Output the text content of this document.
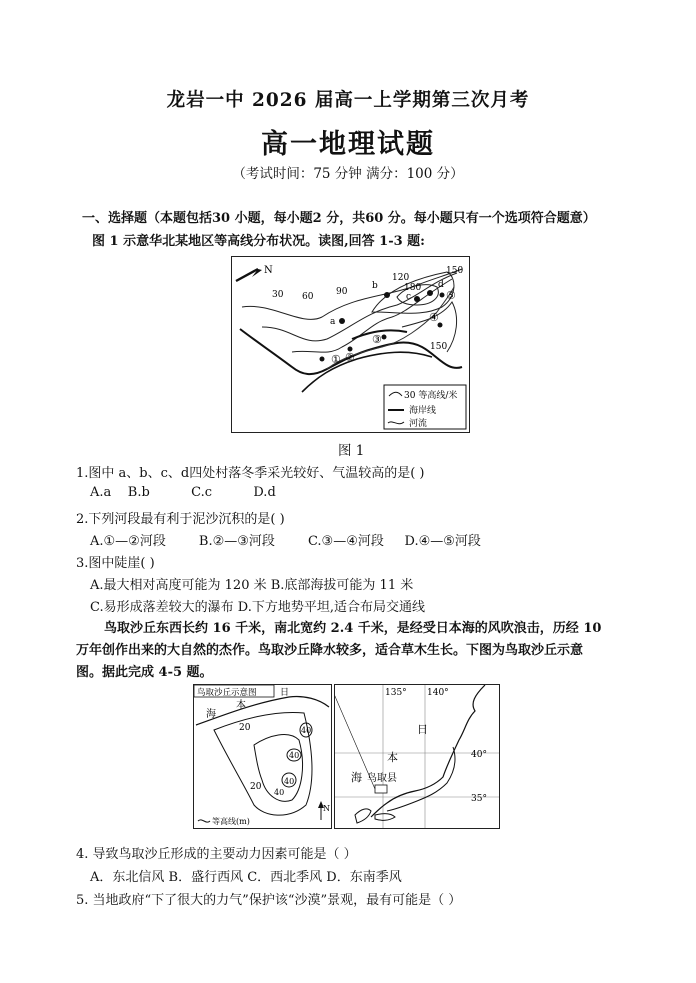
龙岩一中 2026 届高一上学期第三次月考
高一地理试题
（考试时间：75 分钟 满分：100 分）
一、选择题（本题包括30 小题，每小题2 分，共60 分。每小题只有一个选项符合题意）
图 1 示意华北某地区等高线分布状况。读图,回答 1-3 题:
N
30 60	90
120
150
180
150
a
b
c
d
① ②
③
④
⑤
30 等高线/米
海岸线
河流
图 1
1.图中 a、b、c、d四处村落冬季采光较好、气温较高的是( )
A.a    B.b          C.c          D.d
2.下列河段最有利于泥沙沉积的是( )
A.①—②河段        B.②—③河段        C.③—④河段     D.④—⑤河段
3.图中陡崖( )
A.最大相对高度可能为 120 米 B.底部海拔可能为 11 米
C.易形成落差较大的瀑布 D.下方地势平坦,适合布局交通线
鸟取沙丘东西长约 16 千米，南北宽约 2.4 千米，是经受日本海的风吹浪击，历经 10
万年创作出来的大自然的杰作。鸟取沙丘降水较多，适合草木生长。下图为鸟取沙丘示意
图。据此完成 4-5 题。
鸟取沙丘示意图	日
海
本
20	40
40
40
40
20
N
等高线(m)
135° 140°
40°
35°
日
本
海 鸟取县
4. 导致鸟取沙丘形成的主要动力因素可能是（ ）
A．东北信风 B．盛行西风 C．西北季风 D．东南季风
5. 当地政府“下了很大的力气”保护该“沙漠”景观，最有可能是（ ）
